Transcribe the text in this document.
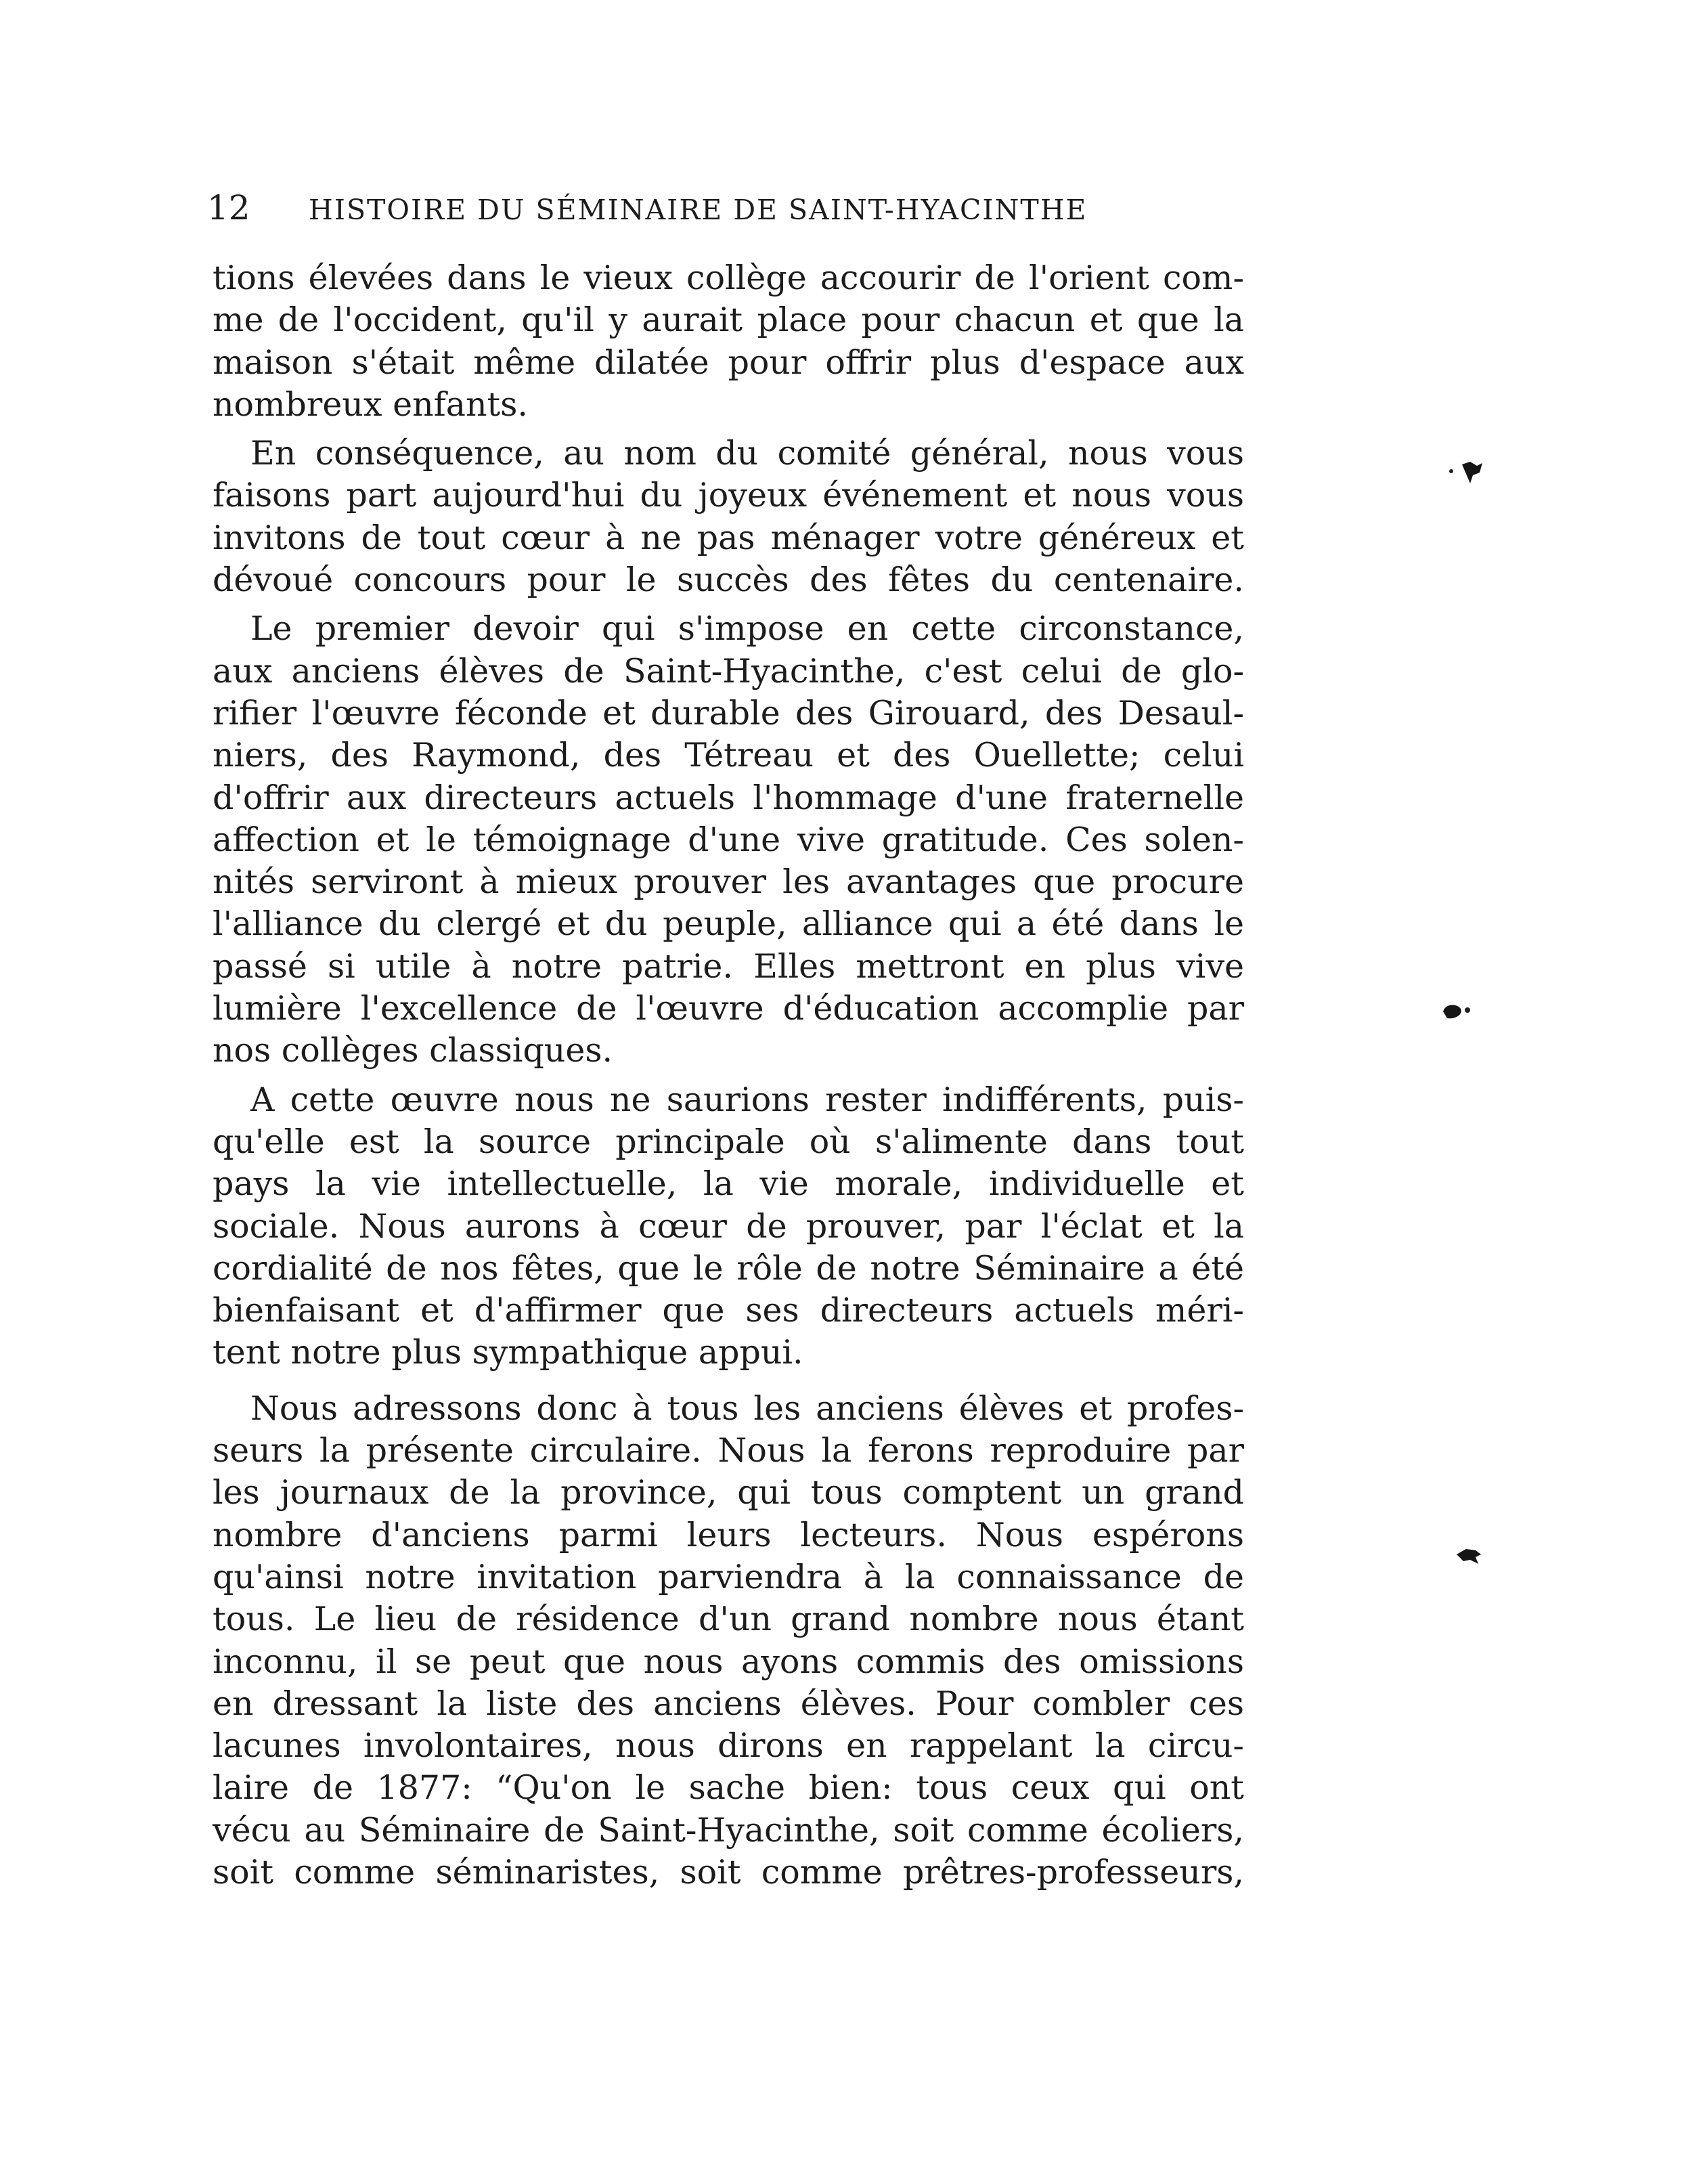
12	HISTOIRE DU SÉMINAIRE DE SAINT-HYACINTHE
tions élevées dans le vieux collège accourir de l'orient com-
me de l'occident, qu'il y aurait place pour chacun et que la
maison s'était même dilatée pour offrir plus d'espace aux
nombreux enfants.
En conséquence, au nom du comité général, nous vous
faisons part aujourd'hui du joyeux événement et nous vous
invitons de tout cœur à ne pas ménager votre généreux et
dévoué concours pour le succès des fêtes du centenaire.
Le premier devoir qui s'impose en cette circonstance,
aux anciens élèves de Saint-Hyacinthe, c'est celui de glo-
rifier l'œuvre féconde et durable des Girouard, des Desaul-
niers, des Raymond, des Tétreau et des Ouellette; celui
d'offrir aux directeurs actuels l'hommage d'une fraternelle
affection et le témoignage d'une vive gratitude. Ces solen-
nités serviront à mieux prouver les avantages que procure
l'alliance du clergé et du peuple, alliance qui a été dans le
passé si utile à notre patrie. Elles mettront en plus vive
lumière l'excellence de l'œuvre d'éducation accomplie par
nos collèges classiques.
A cette œuvre nous ne saurions rester indifférents, puis-
qu'elle est la source principale où s'alimente dans tout
pays la vie intellectuelle, la vie morale, individuelle et
sociale. Nous aurons à cœur de prouver, par l'éclat et la
cordialité de nos fêtes, que le rôle de notre Séminaire a été
bienfaisant et d'affirmer que ses directeurs actuels méri-
tent notre plus sympathique appui.
Nous adressons donc à tous les anciens élèves et profes-
seurs la présente circulaire. Nous la ferons reproduire par
les journaux de la province, qui tous comptent un grand
nombre d'anciens parmi leurs lecteurs. Nous espérons
qu'ainsi notre invitation parviendra à la connaissance de
tous. Le lieu de résidence d'un grand nombre nous étant
inconnu, il se peut que nous ayons commis des omissions
en dressant la liste des anciens élèves. Pour combler ces
lacunes involontaires, nous dirons en rappelant la circu-
laire de 1877: “Qu'on le sache bien: tous ceux qui ont
vécu au Séminaire de Saint-Hyacinthe, soit comme écoliers,
soit comme séminaristes, soit comme prêtres-professeurs,
